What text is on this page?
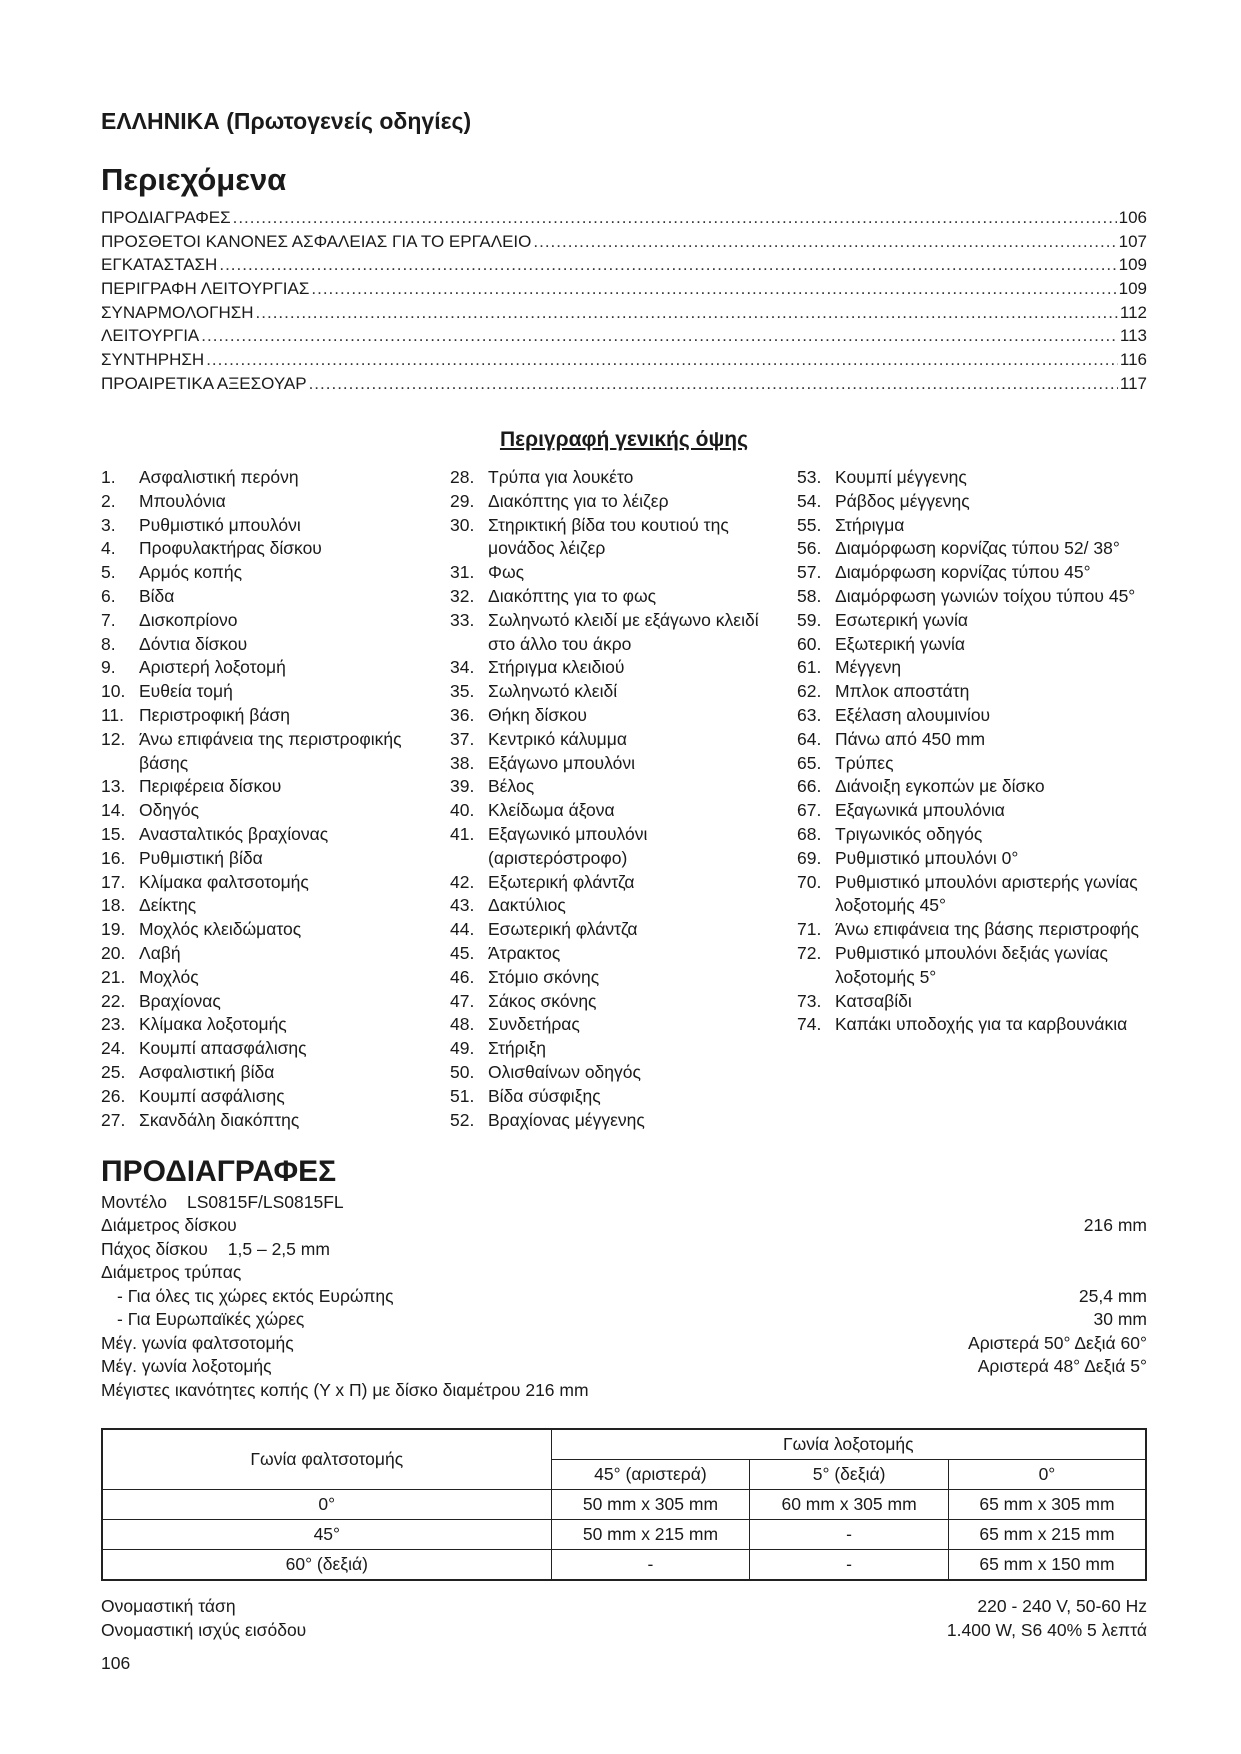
ΕΛΛΗΝΙΚΑ (Πρωτογενείς οδηγίες)
Περιεχόμενα
ΠΡΟΔΙΑΓΡΑΦΕΣ .....	106
ΠΡΟΣΘΕΤΟΙ ΚΑΝΟΝΕΣ ΑΣΦΑΛΕΙΑΣ ΓΙΑ ΤΟ ΕΡΓΑΛΕΙΟ .....	107
ΕΓΚΑΤΑΣΤΑΣΗ .....	109
ΠΕΡΙΓΡΑΦΗ ΛΕΙΤΟΥΡΓΙΑΣ .....	109
ΣΥΝΑΡΜΟΛΟΓΗΣΗ .....	112
ΛΕΙΤΟΥΡΓΙΑ .....	113
ΣΥΝΤΗΡΗΣΗ .....	116
ΠΡΟΑΙΡΕΤΙΚΑ ΑΞΕΣΟΥΑΡ .....	117
Περιγραφή γενικής όψης
1.	Ασφαλιστική περόνη
2.	Μπουλόνια
3.	Ρυθμιστικό μπουλόνι
4.	Προφυλακτήρας δίσκου
5.	Αρμός κοπής
6.	Βίδα
7.	Δισκοπρίονο
8.	Δόντια δίσκου
9.	Αριστερή λοξοτομή
10. Ευθεία τομή
11. Περιστροφική βάση
12. Άνω επιφάνεια της περιστροφικής βάσης
13. Περιφέρεια δίσκου
14. Οδηγός
15. Ανασταλτικός βραχίονας
16. Ρυθμιστική βίδα
17. Κλίμακα φαλτσοτομής
18. Δείκτης
19. Μοχλός κλειδώματος
20. Λαβή
21. Μοχλός
22. Βραχίονας
23. Κλίμακα λοξοτομής
24. Κουμπί απασφάλισης
25. Ασφαλιστική βίδα
26. Κουμπί ασφάλισης
27. Σκανδάλη διακόπτης
28. Τρύπα για λουκέτο
29. Διακόπτης για το λέιζερ
30. Στηρικτική βίδα του κουτιού της μονάδος λέιζερ
31. Φως
32. Διακόπτης για το φως
33. Σωληνωτό κλειδί με εξάγωνο κλειδί στο άλλο του άκρο
34. Στήριγμα κλειδιού
35. Σωληνωτό κλειδί
36. Θήκη δίσκου
37. Κεντρικό κάλυμμα
38. Εξάγωνο μπουλόνι
39. Βέλος
40. Κλείδωμα άξονα
41. Εξαγωνικό μπουλόνι (αριστερόστροφο)
42. Εξωτερική φλάντζα
43. Δακτύλιος
44. Εσωτερική φλάντζα
45. Άτρακτος
46. Στόμιο σκόνης
47. Σάκος σκόνης
48. Συνδετήρας
49. Στήριξη
50. Ολισθαίνων οδηγός
51. Βίδα σύσφιξης
52. Βραχίονας μέγγενης
53. Κουμπί μέγγενης
54. Ράβδος μέγγενης
55. Στήριγμα
56. Διαμόρφωση κορνίζας τύπου 52/ 38°
57. Διαμόρφωση κορνίζας τύπου 45°
58. Διαμόρφωση γωνιών τοίχου τύπου 45°
59. Εσωτερική γωνία
60. Εξωτερική γωνία
61. Μέγγενη
62. Μπλοκ αποστάτη
63. Εξέλαση αλουμινίου
64. Πάνω από 450 mm
65. Τρύπες
66. Διάνοιξη εγκοπών με δίσκο
67. Εξαγωνικά μπουλόνια
68. Τριγωνικός οδηγός
69. Ρυθμιστικό μπουλόνι 0°
70. Ρυθμιστικό μπουλόνι αριστερής γωνίας λοξοτομής 45°
71. Άνω επιφάνεια της βάσης περιστροφής
72. Ρυθμιστικό μπουλόνι δεξιάς γωνίας λοξοτομής 5°
73. Κατσαβίδι
74. Καπάκι υποδοχής για τα καρβουνάκια
ΠΡΟΔΙΑΓΡΑΦΕΣ
Μοντέλο LS0815F/LS0815FL
Διάμετρος δίσκου	216 mm
Πάχος δίσκου 1,5 – 2,5 mm
Διάμετρος τρύπας
- Για όλες τις χώρες εκτός Ευρώπης	25,4 mm
- Για Ευρωπαϊκές χώρες	30 mm
Μέγ. γωνία φαλτσοτομής	Αριστερά 50° Δεξιά 60°
Μέγ. γωνία λοξοτομής	Αριστερά 48° Δεξιά 5°
Μέγιστες ικανότητες κοπής (Υ x Π) με δίσκο διαμέτρου 216 mm
Γωνία φαλτσοτομής	Γωνία λοξοτομής		
	45° (αριστερά)	5° (δεξιά)	0°
0°	50 mm x 305 mm	60 mm x 305 mm	65 mm x 305 mm
45°	50 mm x 215 mm	-	65 mm x 215 mm
60° (δεξιά)	-	-	65 mm x 150 mm
Ονομαστική τάση	220 - 240 V, 50-60 Hz
Ονομαστική ισχύς εισόδου	1.400 W, S6 40% 5 λεπτά
106
